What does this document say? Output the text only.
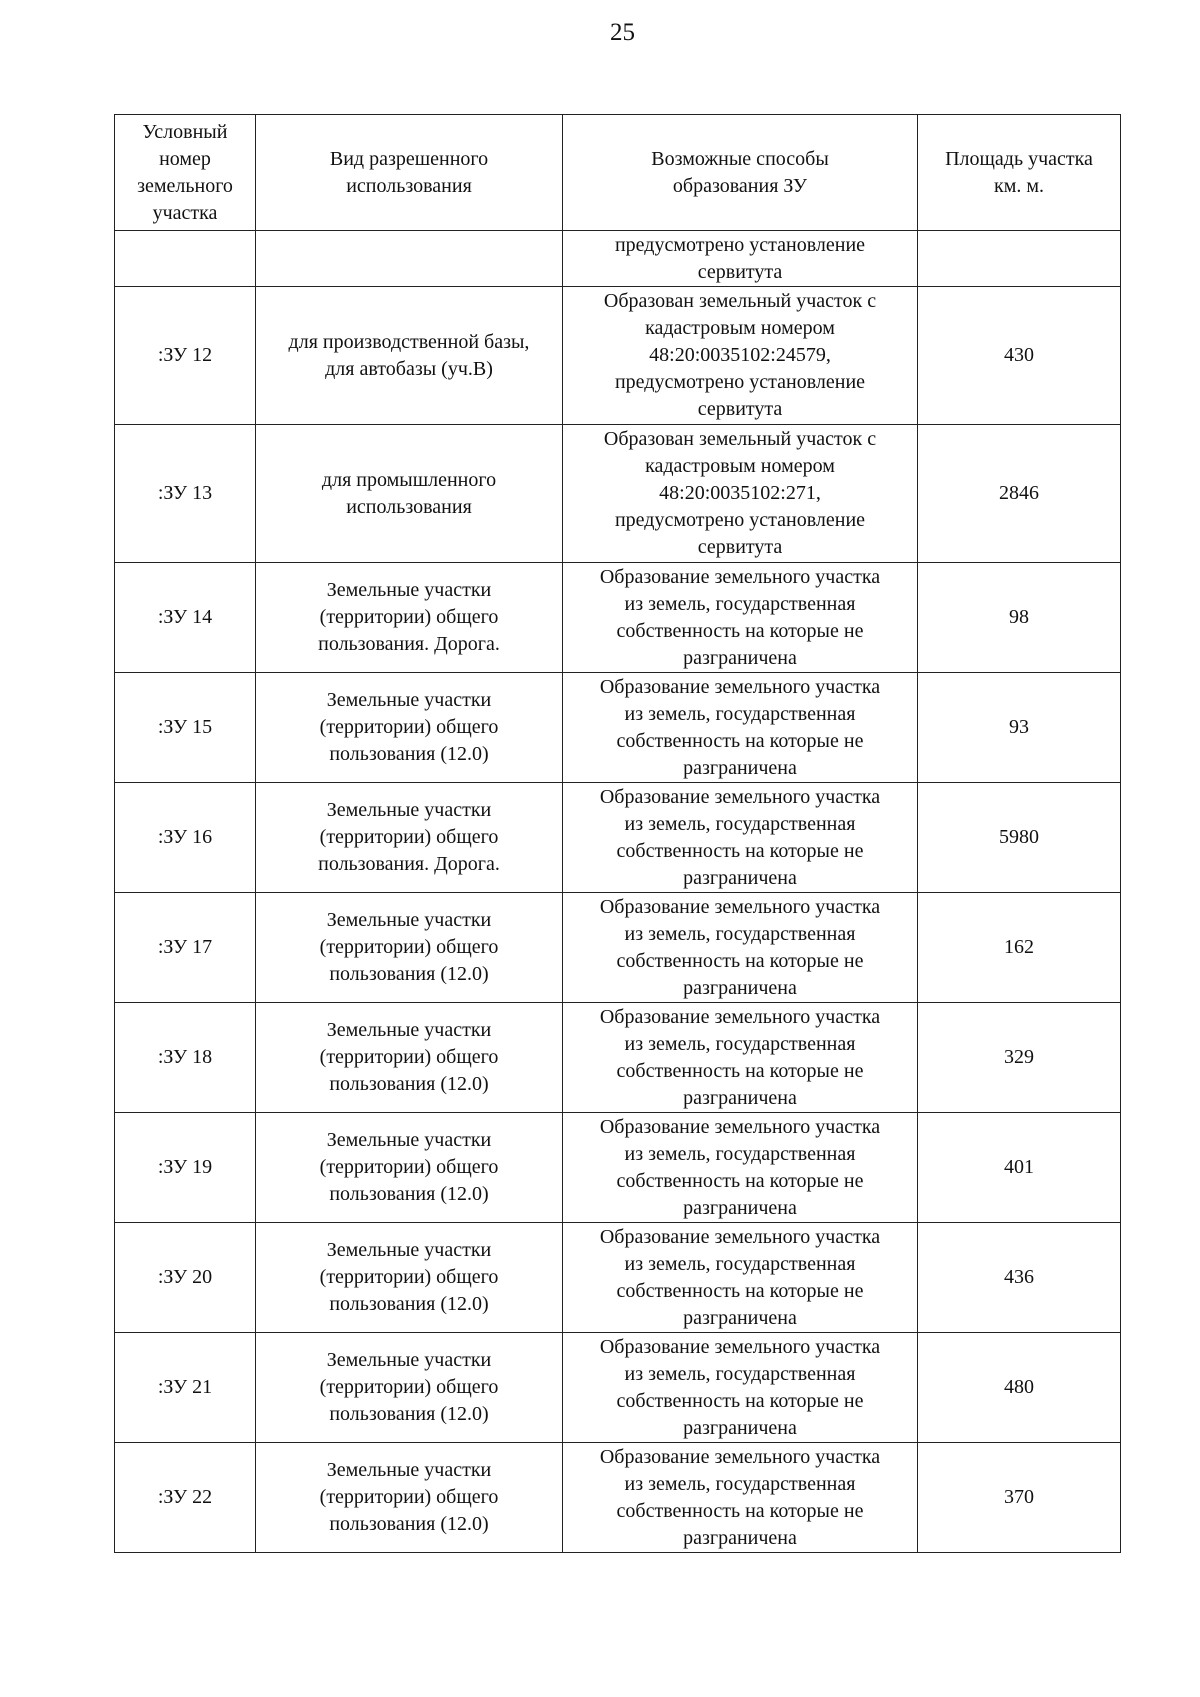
25
Условный
номер
земельного
участка	Вид разрешенного
использования	Возможные способы
образования ЗУ	Площадь участка
км. м.

		предусмотрено установление
сервитута	

:ЗУ 12	для производственной базы,
для автобазы (уч.В)	Образован земельный участок с
кадастровым номером
48:20:0035102:24579,
предусмотрено установление
сервитута	430

:ЗУ 13	для промышленного
использования	Образован земельный участок с
кадастровым номером
48:20:0035102:271,
предусмотрено установление
сервитута	2846

:ЗУ 14	Земельные участки
(территории) общего
пользования. Дорога.	Образование земельного участка
из земель, государственная
собственность на которые не
разграничена	98

:ЗУ 15	Земельные участки
(территории) общего
пользования (12.0)	Образование земельного участка
из земель, государственная
собственность на которые не
разграничена	93

:ЗУ 16	Земельные участки
(территории) общего
пользования. Дорога.	Образование земельного участка
из земель, государственная
собственность на которые не
разграничена	5980

:ЗУ 17	Земельные участки
(территории) общего
пользования (12.0)	Образование земельного участка
из земель, государственная
собственность на которые не
разграничена	162

:ЗУ 18	Земельные участки
(территории) общего
пользования (12.0)	Образование земельного участка
из земель, государственная
собственность на которые не
разграничена	329

:ЗУ 19	Земельные участки
(территории) общего
пользования (12.0)	Образование земельного участка
из земель, государственная
собственность на которые не
разграничена	401

:ЗУ 20	Земельные участки
(территории) общего
пользования (12.0)	Образование земельного участка
из земель, государственная
собственность на которые не
разграничена	436

:ЗУ 21	Земельные участки
(территории) общего
пользования (12.0)	Образование земельного участка
из земель, государственная
собственность на которые не
разграничена	480

:ЗУ 22	Земельные участки
(территории) общего
пользования (12.0)	Образование земельного участка
из земель, государственная
собственность на которые не
разграничена	370
